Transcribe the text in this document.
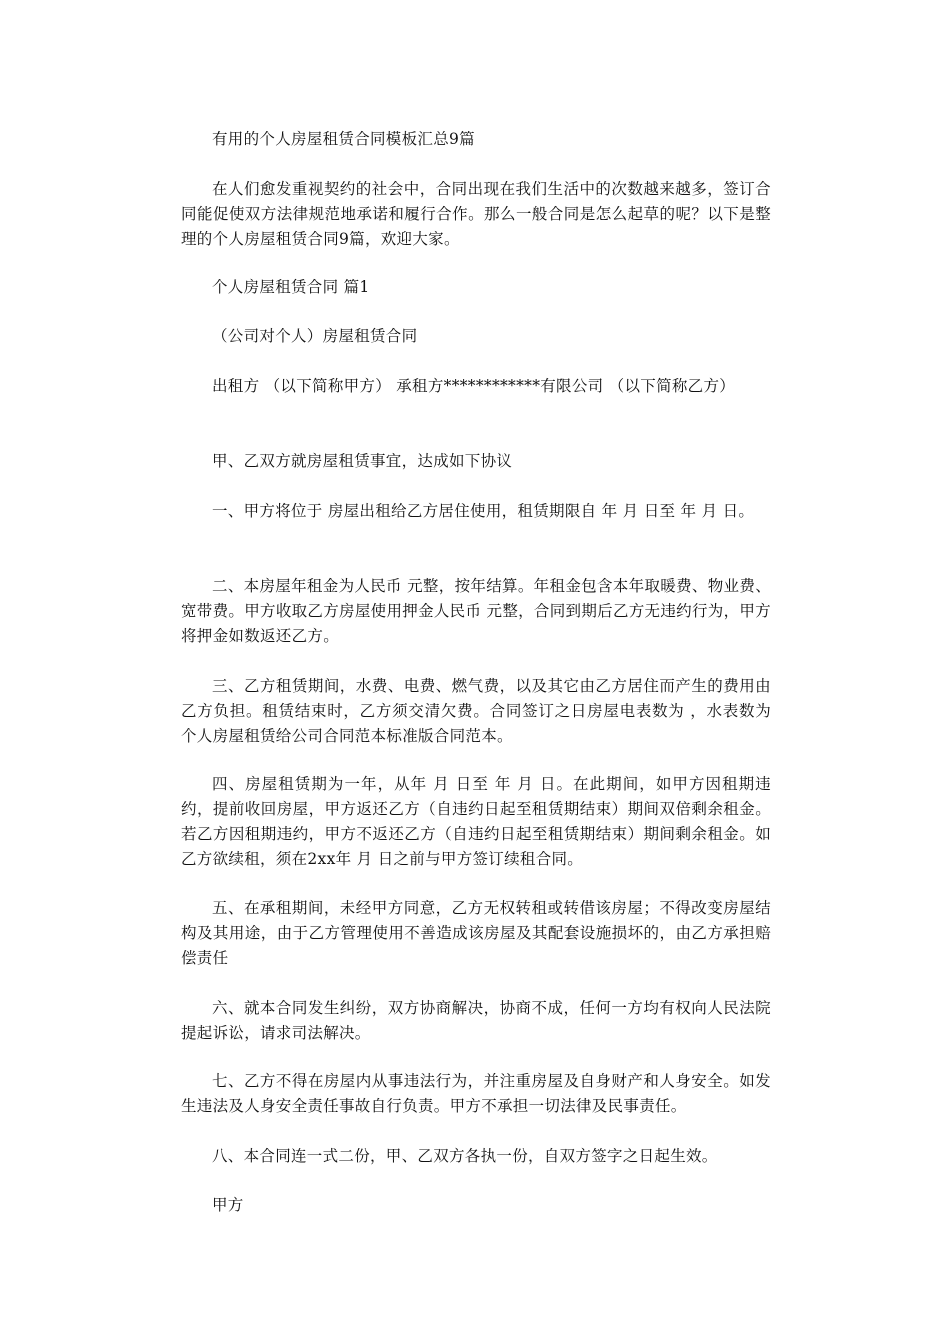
有用的个人房屋租赁合同模板汇总9篇

在人们愈发重视契约的社会中，合同出现在我们生活中的次数越来越多，签订合同能促使双方法律规范地承诺和履行合作。那么一般合同是怎么起草的呢？以下是整理的个人房屋租赁合同9篇，欢迎大家。

个人房屋租赁合同 篇1

（公司对个人）房屋租赁合同

出租方 （以下简称甲方） 承租方************有限公司 （以下简称乙方）

甲、乙双方就房屋租赁事宜，达成如下协议

一、甲方将位于 房屋出租给乙方居住使用，租赁期限自 年 月 日至 年 月 日。

二、本房屋年租金为人民币 元整，按年结算。年租金包含本年取暖费、物业费、宽带费。甲方收取乙方房屋使用押金人民币 元整，合同到期后乙方无违约行为，甲方将押金如数返还乙方。

三、乙方租赁期间，水费、电费、燃气费，以及其它由乙方居住而产生的费用由乙方负担。租赁结束时，乙方须交清欠费。合同签订之日房屋电表数为 ，水表数为 个人房屋租赁给公司合同范本标准版合同范本。

四、房屋租赁期为一年，从年 月 日至 年 月 日。在此期间，如甲方因租期违约，提前收回房屋，甲方返还乙方（自违约日起至租赁期结束）期间双倍剩余租金。若乙方因租期违约，甲方不返还乙方（自违约日起至租赁期结束）期间剩余租金。如乙方欲续租，须在2xx年 月 日之前与甲方签订续租合同。

五、在承租期间，未经甲方同意，乙方无权转租或转借该房屋；不得改变房屋结构及其用途，由于乙方管理使用不善造成该房屋及其配套设施损坏的，由乙方承担赔偿责任

六、就本合同发生纠纷，双方协商解决，协商不成，任何一方均有权向人民法院提起诉讼，请求司法解决。

七、乙方不得在房屋内从事违法行为，并注重房屋及自身财产和人身安全。如发生违法及人身安全责任事故自行负责。甲方不承担一切法律及民事责任。

八、本合同连一式二份，甲、乙双方各执一份，自双方签字之日起生效。

甲方
